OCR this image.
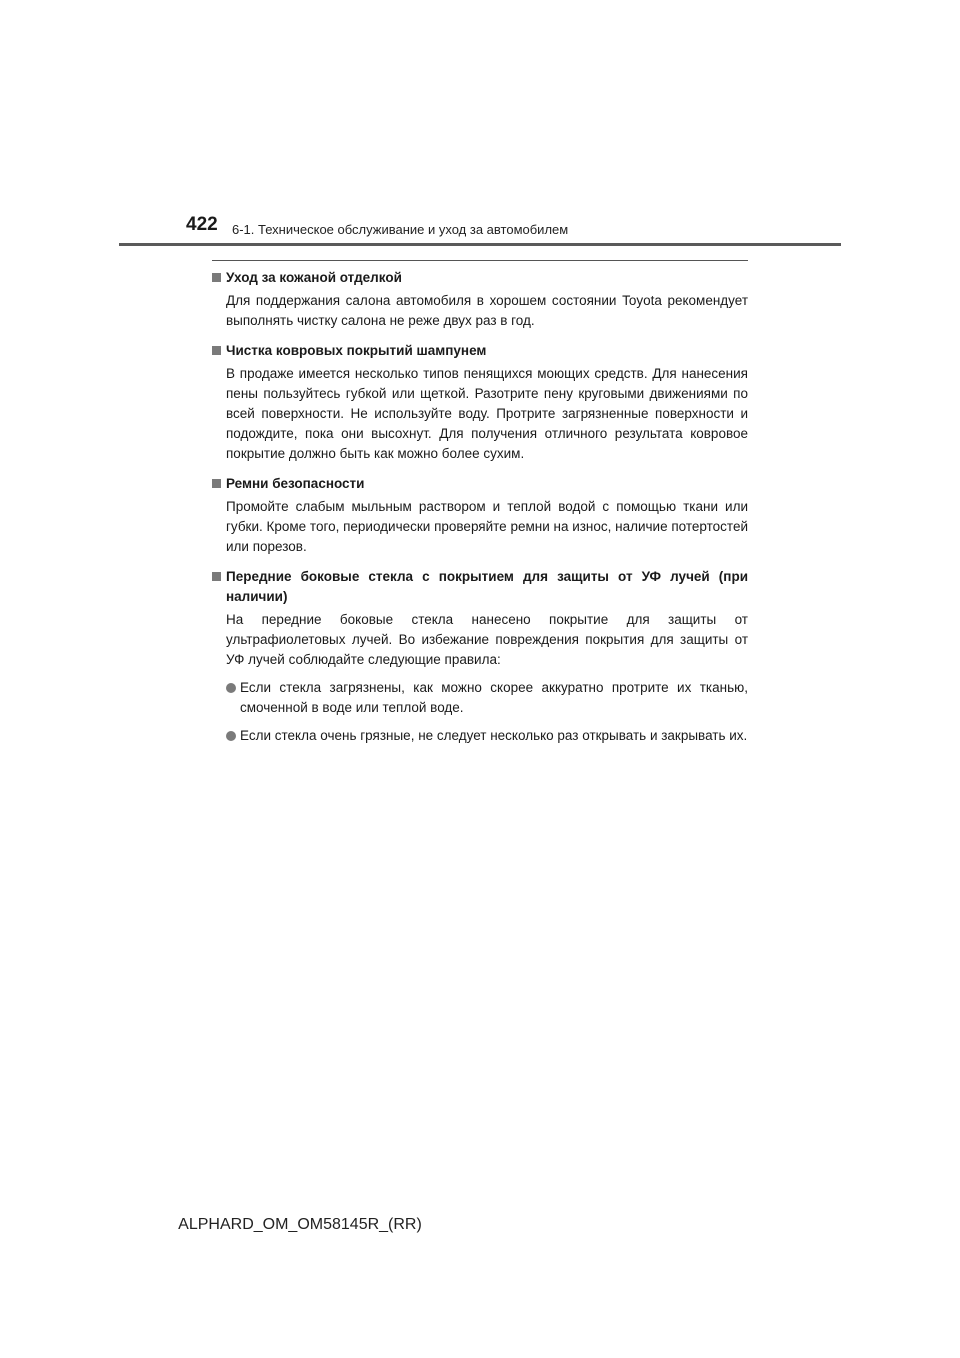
422 6-1. Техническое обслуживание и уход за автомобилем
Уход за кожаной отделкой
Для поддержания салона автомобиля в хорошем состоянии Toyota рекомендует выполнять чистку салона не реже двух раз в год.
Чистка ковровых покрытий шампунем
В продаже имеется несколько типов пенящихся моющих средств. Для нанесения пены пользуйтесь губкой или щеткой. Разотрите пену круговыми движениями по всей поверхности. Не используйте воду. Протрите загрязненные поверхности и подождите, пока они высохнут. Для получения отличного результата ковровое покрытие должно быть как можно более сухим.
Ремни безопасности
Промойте слабым мыльным раствором и теплой водой с помощью ткани или губки. Кроме того, периодически проверяйте ремни на износ, наличие потертостей или порезов.
Передние боковые стекла с покрытием для защиты от УФ лучей (при наличии)
На передние боковые стекла нанесено покрытие для защиты от ультрафиолетовых лучей. Во избежание повреждения покрытия для защиты от УФ лучей соблюдайте следующие правила:
Если стекла загрязнены, как можно скорее аккуратно протрите их тканью, смоченной в воде или теплой воде.
Если стекла очень грязные, не следует несколько раз открывать и закрывать их.
ALPHARD_OM_OM58145R_(RR)
